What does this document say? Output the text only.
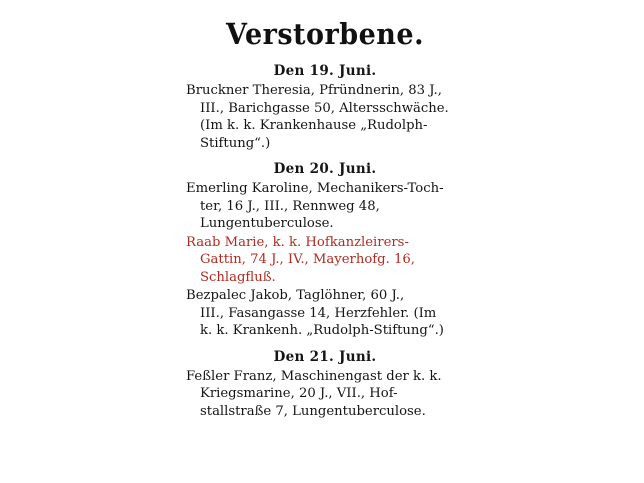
Verstorbene.
Den 19. Juni.
Bruckner Theresia, Pfründnerin, 83 J.,
III., Barichgasse 50, Altersschwäche.
(Im k. k. Krankenhause „Rudolph-
Stiftung“.)
Den 20. Juni.
Emerling Karoline, Mechanikers-Toch-
ter, 16 J., III., Rennweg 48,
Lungentuberculose.
Raab Marie, k. k. Hofkanzleirers-
Gattin, 74 J., IV., Mayerhofg. 16,
Schlagfluß.
Bezpalec Jakob, Taglöhner, 60 J.,
III., Fasangasse 14, Herzfehler. (Im
k. k. Krankenh. „Rudolph-Stiftung“.)
Den 21. Juni.
Feßler Franz, Maschinengast der k. k.
Kriegsmarine, 20 J., VII., Hof-
stallstraße 7, Lungentuberculose.
